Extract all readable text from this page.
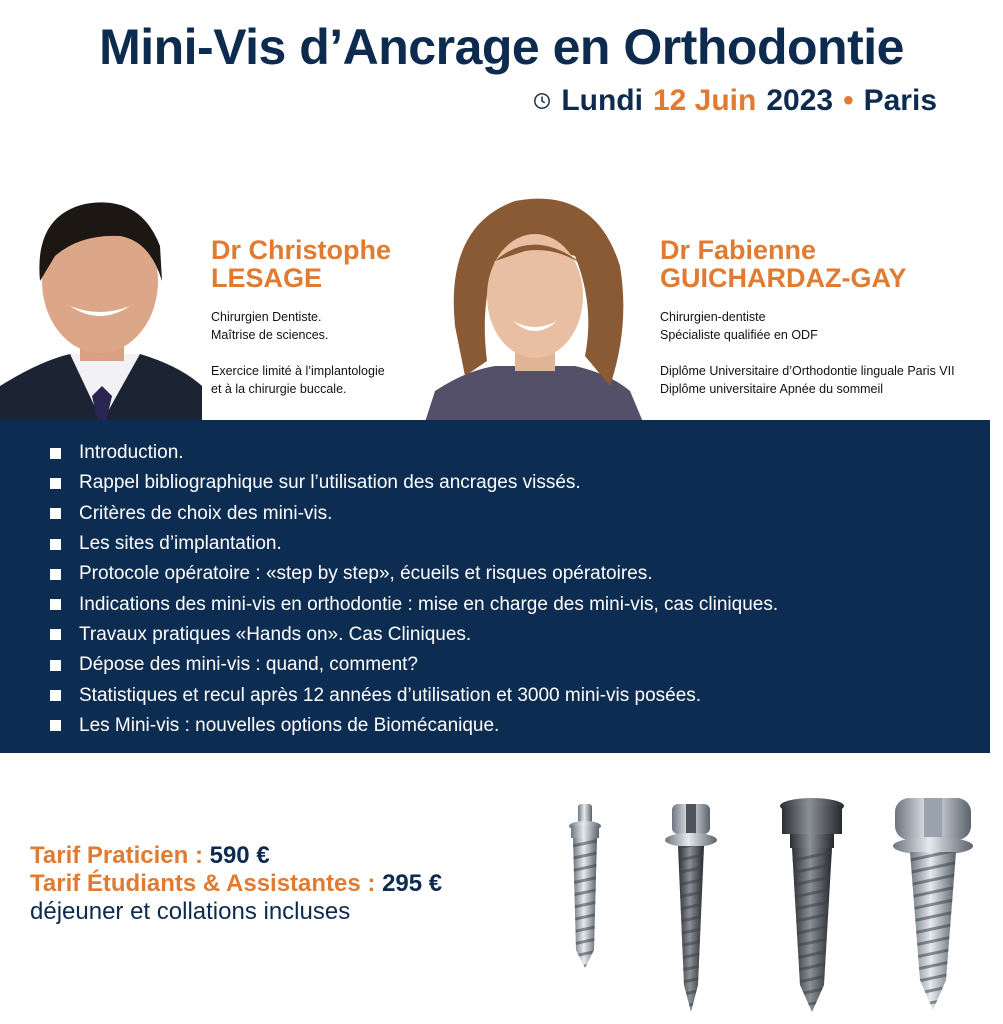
Mini-Vis d’Ancrage en Orthodontie
Lundi 12 Juin 2023 • Paris
Dr Christophe
LESAGE
Chirurgien Dentiste.
Maîtrise de sciences.
Exercice limité à l’implantologie
et à la chirurgie buccale.
Dr Fabienne
GUICHARDAZ-GAY
Chirurgien-dentiste
Spécialiste qualifiée en ODF
Diplôme Universitaire d’Orthodontie linguale Paris VII
Diplôme universitaire Apnée du sommeil
Introduction.
Rappel bibliographique sur l’utilisation des ancrages vissés.
Critères de choix des mini-vis.
Les sites d’implantation.
Protocole opératoire : «step by step», écueils et risques opératoires.
Indications des mini-vis en orthodontie : mise en charge des mini-vis, cas cliniques.
Travaux pratiques «Hands on». Cas Cliniques.
Dépose des mini-vis : quand, comment?
Statistiques et recul après 12 années d’utilisation et 3000 mini-vis posées.
Les Mini-vis : nouvelles options de Biomécanique.
Tarif Praticien : 590 €
Tarif Étudiants & Assistantes : 295 €
déjeuner et collations incluses
